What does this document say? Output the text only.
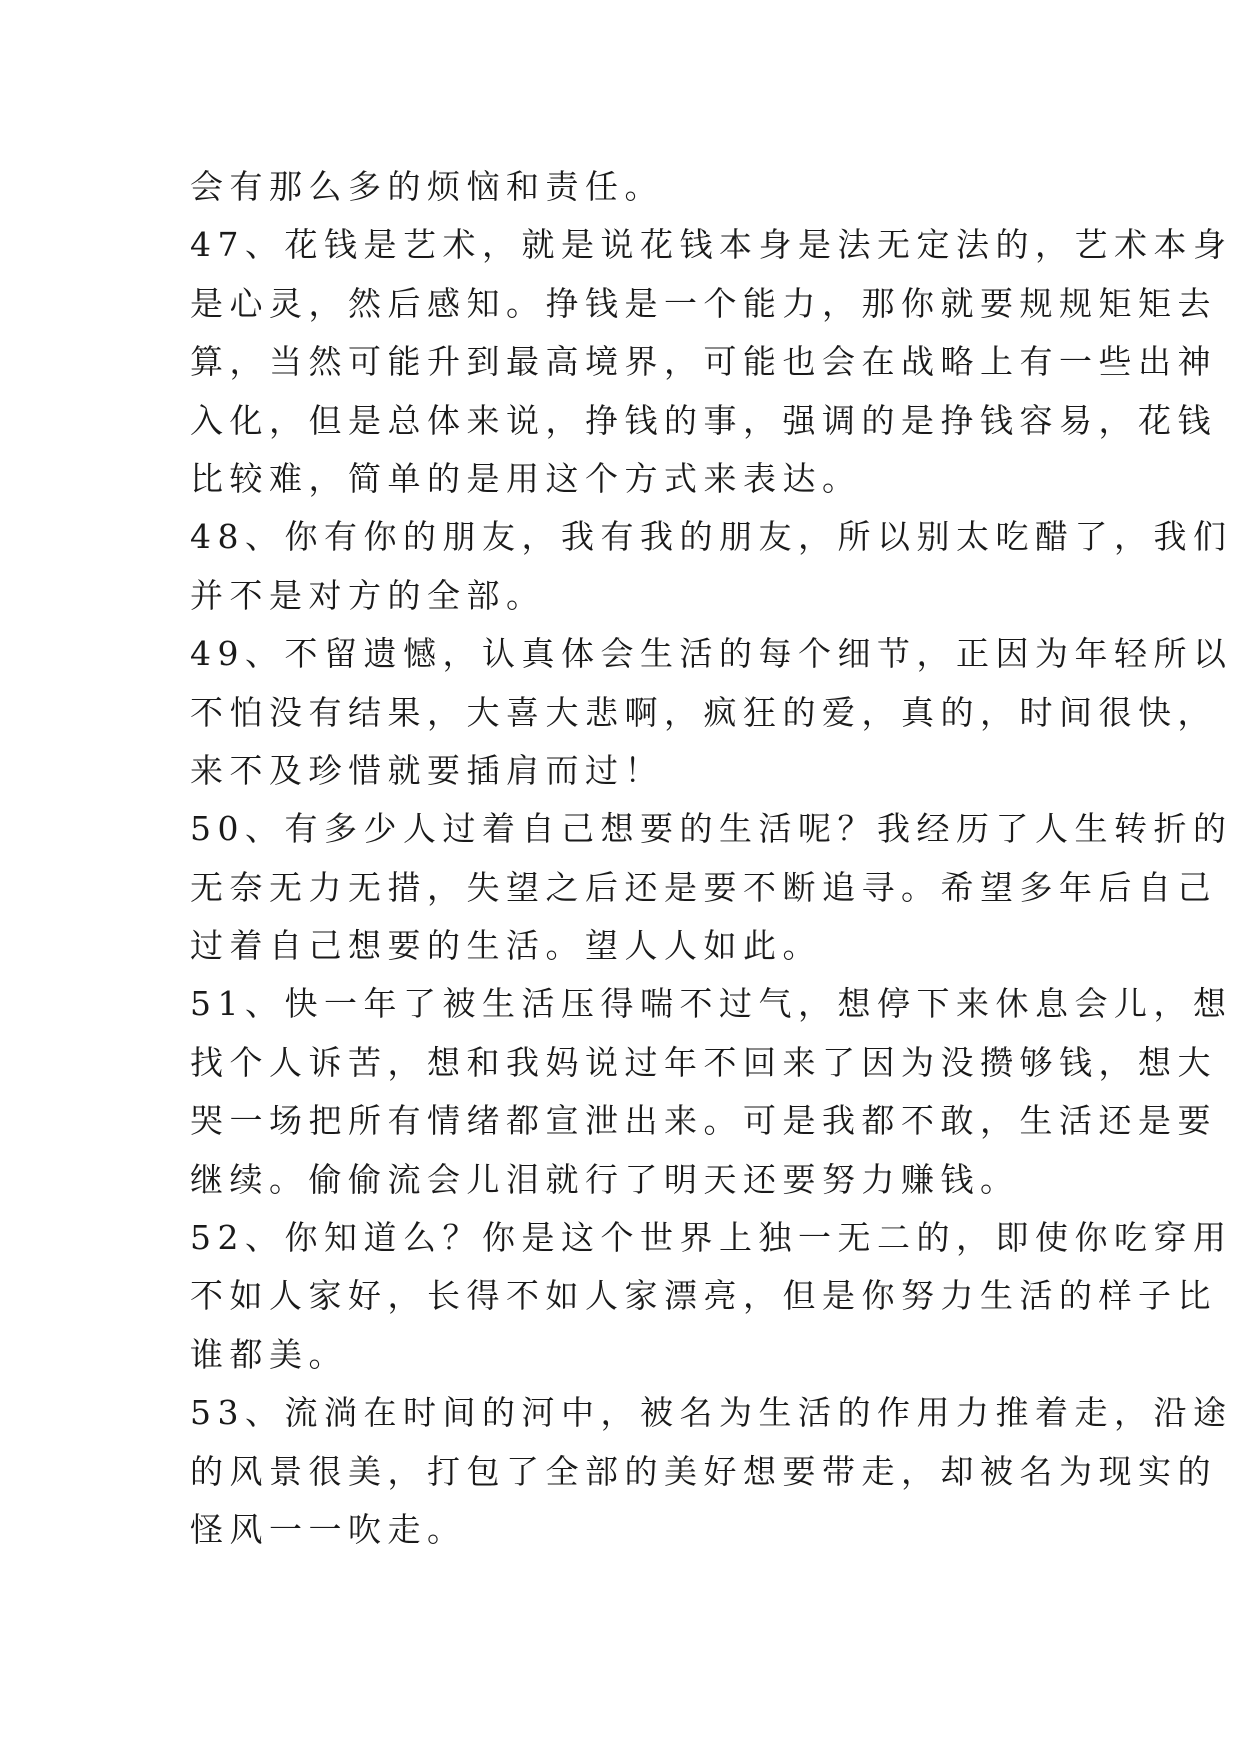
会有那么多的烦恼和责任。
47、花钱是艺术，就是说花钱本身是法无定法的，艺术本身
是心灵，然后感知。挣钱是一个能力，那你就要规规矩矩去
算，当然可能升到最高境界，可能也会在战略上有一些出神
入化，但是总体来说，挣钱的事，强调的是挣钱容易，花钱
比较难，简单的是用这个方式来表达。
48、你有你的朋友，我有我的朋友，所以别太吃醋了，我们
并不是对方的全部。
49、不留遗憾，认真体会生活的每个细节，正因为年轻所以
不怕没有结果，大喜大悲啊，疯狂的爱，真的，时间很快，
来不及珍惜就要插肩而过！
50、有多少人过着自己想要的生活呢？我经历了人生转折的
无奈无力无措，失望之后还是要不断追寻。希望多年后自己
过着自己想要的生活。望人人如此。
51、快一年了被生活压得喘不过气，想停下来休息会儿，想
找个人诉苦，想和我妈说过年不回来了因为没攒够钱，想大
哭一场把所有情绪都宣泄出来。可是我都不敢，生活还是要
继续。偷偷流会儿泪就行了明天还要努力赚钱。
52、你知道么？你是这个世界上独一无二的，即使你吃穿用
不如人家好，长得不如人家漂亮，但是你努力生活的样子比
谁都美。
53、流淌在时间的河中，被名为生活的作用力推着走，沿途
的风景很美，打包了全部的美好想要带走，却被名为现实的
怪风一一吹走。
